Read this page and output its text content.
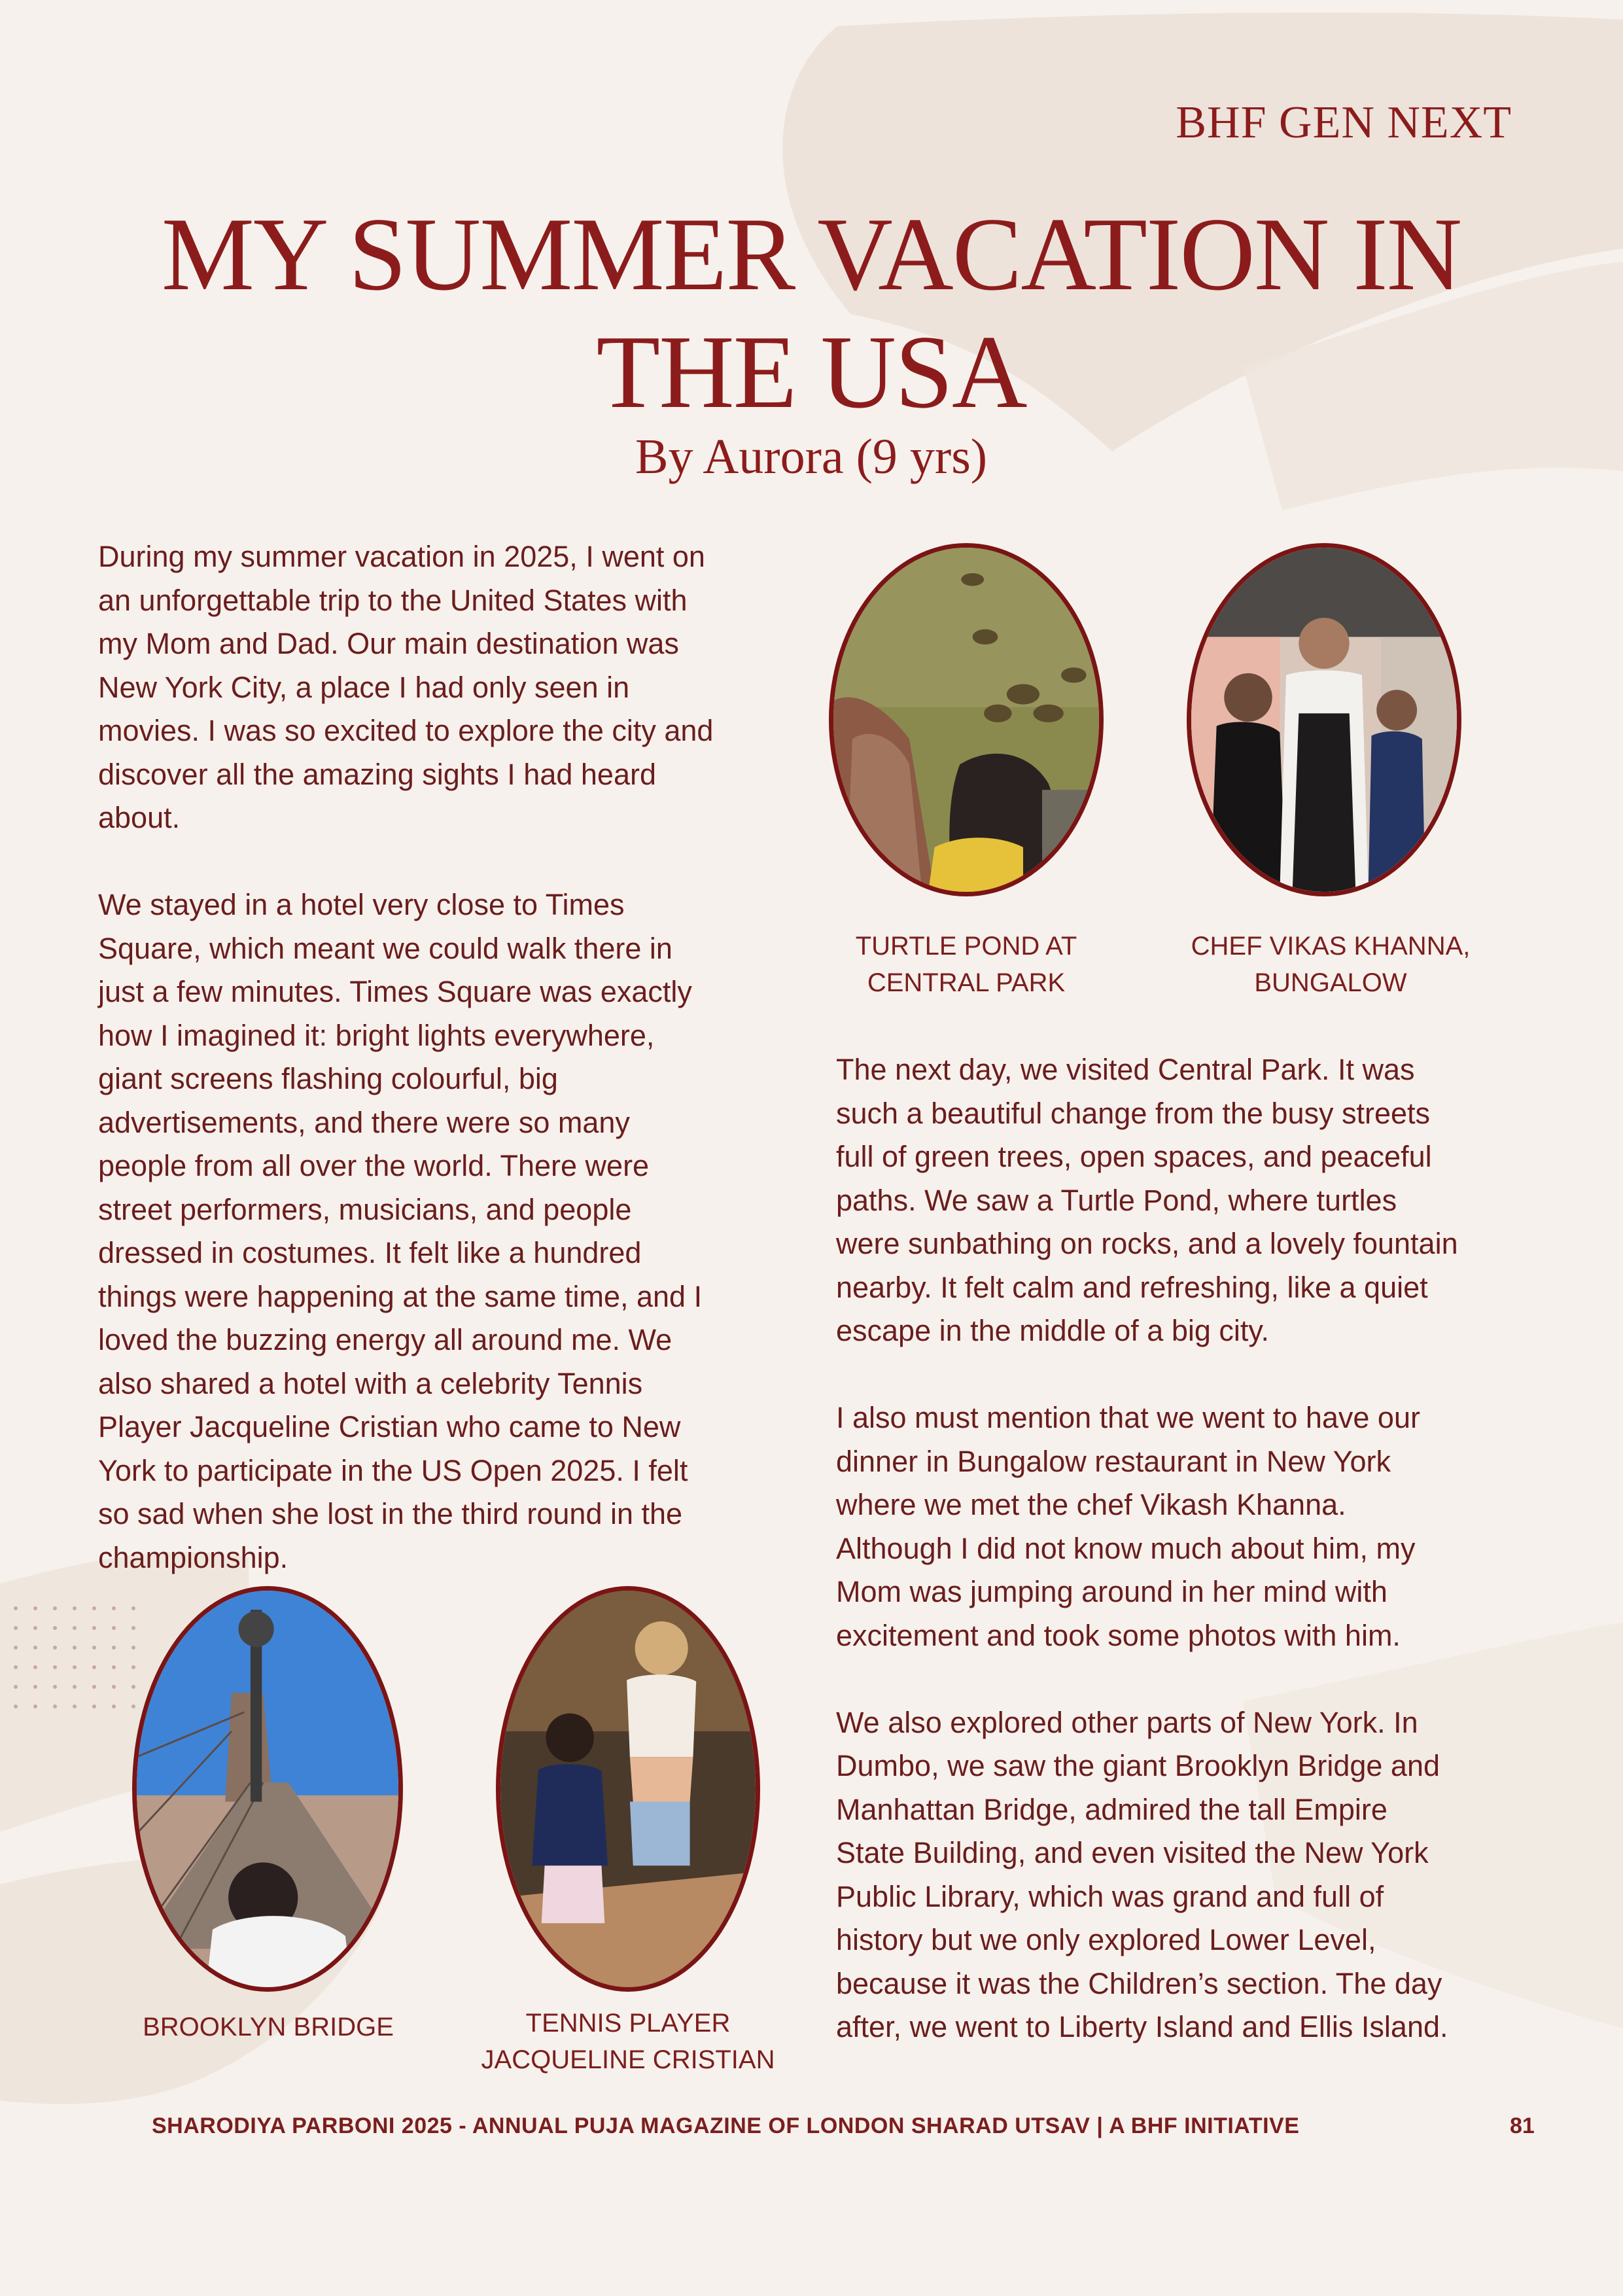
BHF GEN NEXT
MY SUMMER VACATION IN
THE USA
By Aurora (9 yrs)

During my summer vacation in 2025, I went on
an unforgettable trip to the United States with
my Mom and Dad. Our main destination was
New York City, a place I had only seen in
movies. I was so excited to explore the city and
discover all the amazing sights I had heard
about.

We stayed in a hotel very close to Times
Square, which meant we could walk there in
just a few minutes. Times Square was exactly
how I imagined it: bright lights everywhere,
giant screens flashing colourful, big
advertisements, and there were so many
people from all over the world. There were
street performers, musicians, and people
dressed in costumes. It felt like a hundred
things were happening at the same time, and I
loved the buzzing energy all around me. We
also shared a hotel with a celebrity Tennis
Player Jacqueline Cristian who came to New
York to participate in the US Open 2025. I felt
so sad when she lost in the third round in the
championship.

The next day, we visited Central Park. It was
such a beautiful change from the busy streets
full of green trees, open spaces, and peaceful
paths. We saw a Turtle Pond, where turtles
were sunbathing on rocks, and a lovely fountain
nearby. It felt calm and refreshing, like a quiet
escape in the middle of a big city.

I also must mention that we went to have our
dinner in Bungalow restaurant in New York
where we met the chef Vikash Khanna.
Although I did not know much about him, my
Mom was jumping around in her mind with
excitement and took some photos with him.

We also explored other parts of New York. In
Dumbo, we saw the giant Brooklyn Bridge and
Manhattan Bridge, admired the tall Empire
State Building, and even visited the New York
Public Library, which was grand and full of
history but we only explored Lower Level,
because it was the Children’s section. The day
after, we went to Liberty Island and Ellis Island.

TURTLE POND AT
CENTRAL PARK
CHEF VIKAS KHANNA,
BUNGALOW
BROOKLYN BRIDGE	TENNIS PLAYER
JACQUELINE CRISTIAN
SHARODIYA PARBONI 2025 - ANNUAL PUJA MAGAZINE OF LONDON SHARAD UTSAV | A BHF INITIATIVE	81
